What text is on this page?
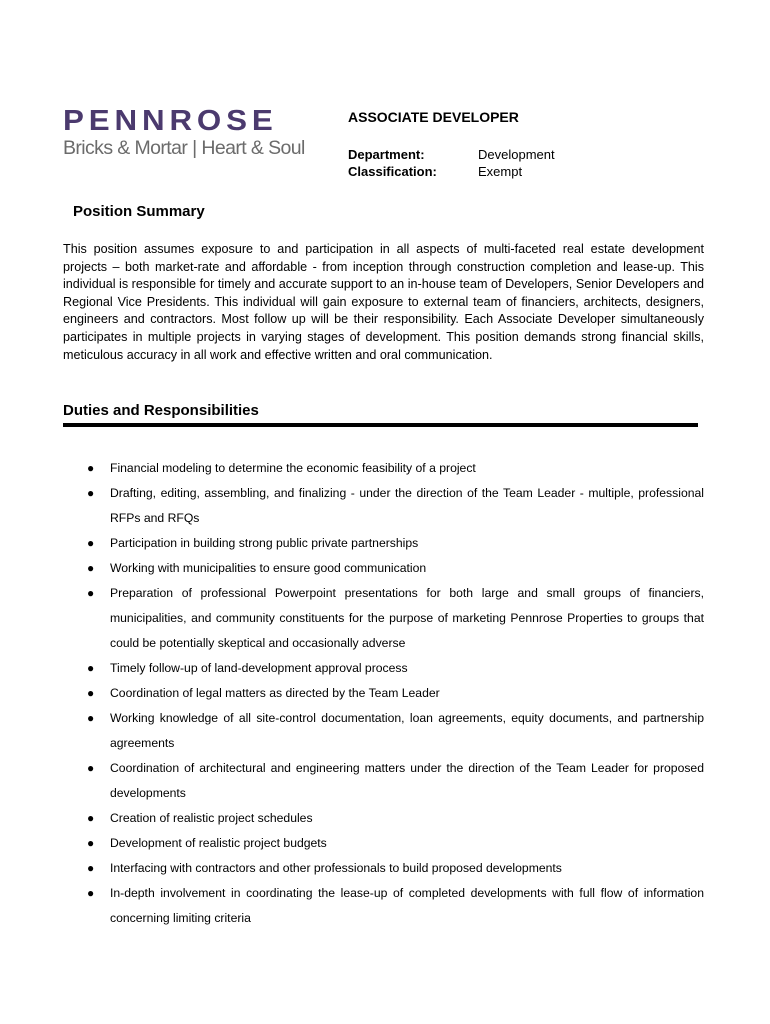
PENNROSE
Bricks & Mortar | Heart & Soul
ASSOCIATE DEVELOPER
Department:	Development
Classification:	Exempt
Position Summary
This position assumes exposure to and participation in all aspects of multi-faceted real estate development projects – both market-rate and affordable - from inception through construction completion and lease-up. This individual is responsible for timely and accurate support to an in-house team of Developers, Senior Developers and Regional Vice Presidents. This individual will gain exposure to external team of financiers, architects, designers, engineers and contractors. Most follow up will be their responsibility. Each Associate Developer simultaneously participates in multiple projects in varying stages of development. This position demands strong financial skills, meticulous accuracy in all work and effective written and oral communication.
Duties and Responsibilities
● Financial modeling to determine the economic feasibility of a project
● Drafting, editing, assembling, and finalizing - under the direction of the Team Leader - multiple, professional RFPs and RFQs
● Participation in building strong public private partnerships
● Working with municipalities to ensure good communication
● Preparation of professional Powerpoint presentations for both large and small groups of financiers, municipalities, and community constituents for the purpose of marketing Pennrose Properties to groups that could be potentially skeptical and occasionally adverse
● Timely follow-up of land-development approval process
● Coordination of legal matters as directed by the Team Leader
● Working knowledge of all site-control documentation, loan agreements, equity documents, and partnership agreements
● Coordination of architectural and engineering matters under the direction of the Team Leader for proposed developments
● Creation of realistic project schedules
● Development of realistic project budgets
● Interfacing with contractors and other professionals to build proposed developments
● In-depth involvement in coordinating the lease-up of completed developments with full flow of information concerning limiting criteria
